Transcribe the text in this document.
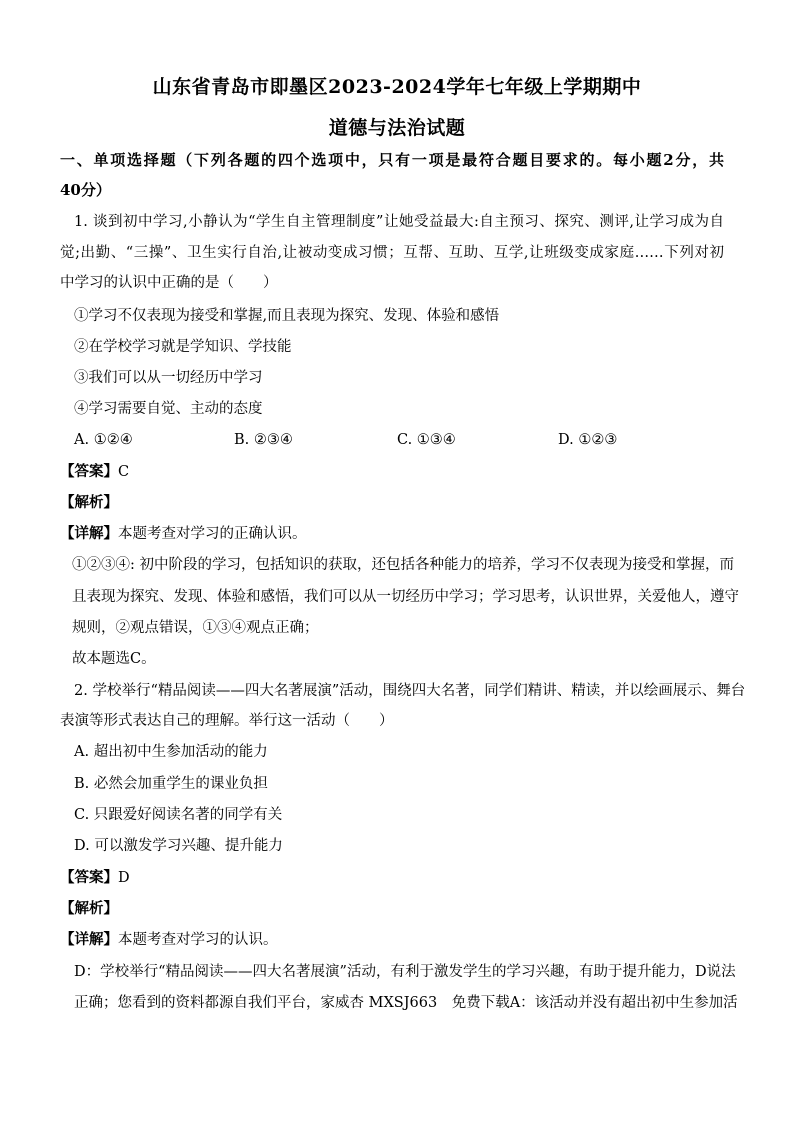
山东省青岛市即墨区2023-2024学年七年级上学期期中
道德与法治试题
一、单项选择题（下列各题的四个选项中，只有一项是最符合题目要求的。每小题2分，共
40分）
1. 谈到初中学习,小静认为“学生自主管理制度”让她受益最大:自主预习、探究、测评,让学习成为自
觉;出勤、“三操”、卫生实行自治,让被动变成习惯；互帮、互助、互学,让班级变成家庭……下列对初
中学习的认识中正确的是（　　）
①学习不仅表现为接受和掌握,而且表现为探究、发现、体验和感悟
②在学校学习就是学知识、学技能
③我们可以从一切经历中学习
④学习需要自觉、主动的态度
A. ①②④	B. ②③④	C. ①③④	D. ①②③
【答案】C
【解析】
【详解】本题考查对学习的正确认识。
①②③④: 初中阶段的学习，包括知识的获取，还包括各种能力的培养，学习不仅表现为接受和掌握，而
且表现为探究、发现、体验和感悟，我们可以从一切经历中学习；学习思考，认识世界，关爱他人，遵守
规则，②观点错误，①③④观点正确；
故本题选C。
2. 学校举行“精品阅读——四大名著展演”活动，围绕四大名著，同学们精讲、精读，并以绘画展示、舞台
表演等形式表达自己的理解。举行这一活动（　　）
A. 超出初中生参加活动的能力
B. 必然会加重学生的课业负担
C. 只跟爱好阅读名著的同学有关
D. 可以激发学习兴趣、提升能力
【答案】D
【解析】
【详解】本题考查对学习的认识。
D：学校举行“精品阅读——四大名著展演”活动，有利于激发学生的学习兴趣，有助于提升能力，D说法
正确；您看到的资料都源自我们平台，家威杏 MXSJ663　免费下载A：该活动并没有超出初中生参加活
